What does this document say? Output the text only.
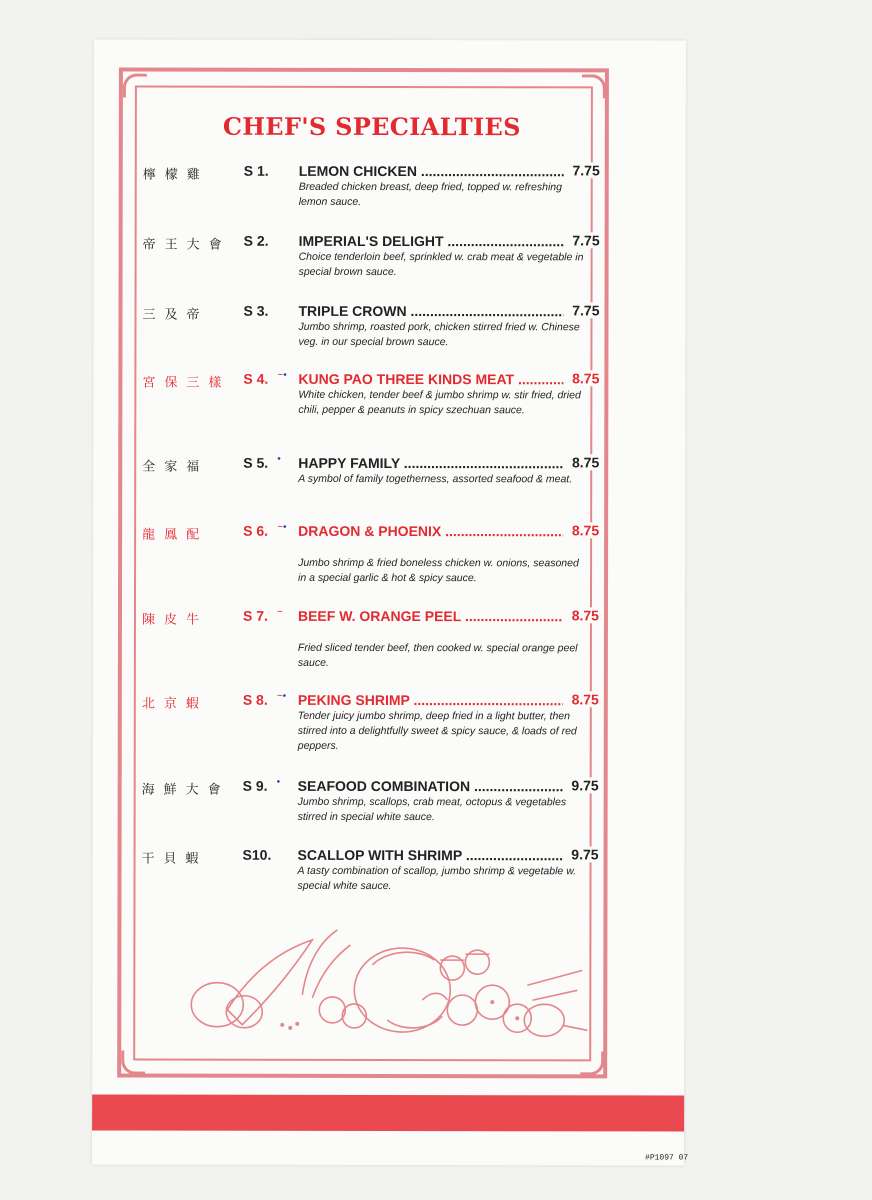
CHEF'S SPECIALTIES
檸檬雞	S 1. LEMON CHICKEN .....	7.75
Breaded chicken breast, deep fried, topped w. refreshing lemon sauce.
帝王大會 S 2. IMPERIAL'S DELIGHT .....	7.75
Choice tenderloin beef, sprinkled w. crab meat & vegetable in special brown sauce.
三及帝	S 3. TRIPLE CROWN .....	7.75
Jumbo shrimp, roasted pork, chicken stirred fried w. Chinese veg. in our special brown sauce.
宮保三樣 S 4. ~• KUNG PAO THREE KINDS MEAT .....	8.75
White chicken, tender beef & jumbo shrimp w. stir fried, dried chili, pepper & peanuts in spicy szechuan sauce.
全家福	S 5. • HAPPY FAMILY .....	8.75
A symbol of family togetherness, assorted seafood & meat.
龍鳳配	S 6. ~• DRAGON & PHOENIX .....	8.75
Jumbo shrimp & fried boneless chicken w. onions, seasoned in a special garlic & hot & spicy sauce.
陳皮牛	S 7. ~ BEEF W. ORANGE PEEL .....	8.75
Fried sliced tender beef, then cooked w. special orange peel sauce.
北京蝦	S 8. ~• PEKING SHRIMP .....	8.75
Tender juicy jumbo shrimp, deep fried in a light butter, then stirred into a delightfully sweet & spicy sauce, & loads of red peppers.
海鮮大會 S 9. • SEAFOOD COMBINATION .....	9.75
Jumbo shrimp, scallops, crab meat, octopus & vegetables stirred in special white sauce.
干貝蝦	S10. SCALLOP WITH SHRIMP .....	9.75
A tasty combination of scallop, jumbo shrimp & vegetable w. special white sauce.
#P1097 07
